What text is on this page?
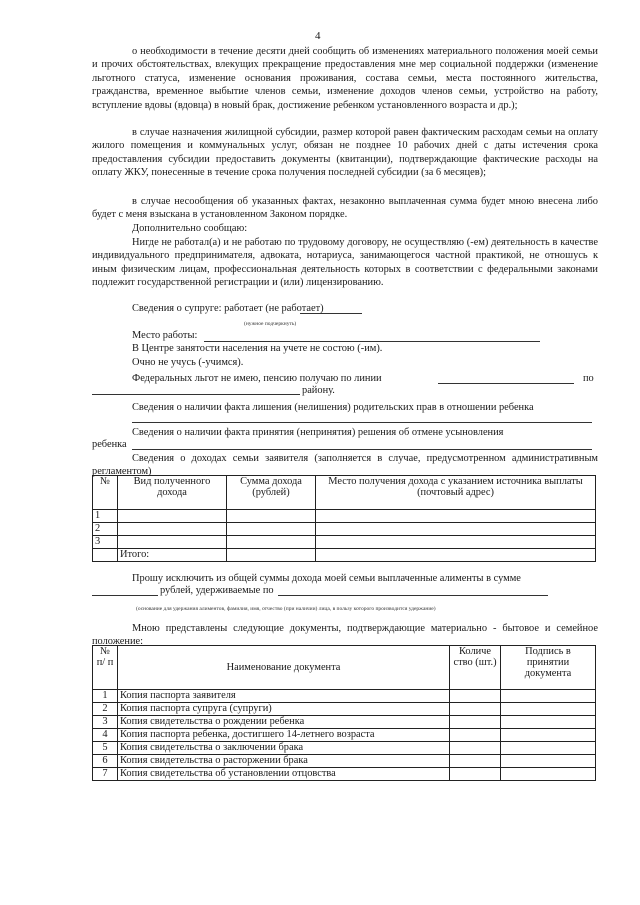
4

о необходимости в течение десяти дней сообщить об изменениях материального положения моей семьи и прочих обстоятельствах, влекущих прекращение предоставления мне мер социальной поддержки (изменение льготного статуса, изменение основания проживания, состава семьи, места постоянного жительства, гражданства, временное выбытие членов семьи, изменение доходов членов семьи, устройство на работу, вступление вдовы (вдовца) в новый брак, достижение ребенком установленного возраста и др.);

в случае назначения жилищной субсидии, размер которой равен фактическим расходам семьи на оплату жилого помещения и коммунальных услуг, обязан не позднее 10 рабочих дней с даты истечения срока предоставления субсидии предоставить документы (квитанции), подтверждающие фактические расходы на оплату ЖКУ, понесенные в течение срока получения последней субсидии (за 6 месяцев);

в случае несообщения об указанных фактах, незаконно выплаченная сумма будет мною внесена либо будет с меня взыскана в установленном Законом порядке.

Дополнительно сообщаю:

Нигде не работал(а) и не работаю по трудовому договору, не осуществляю (-ем) деятельность в качестве индивидуального предпринимателя, адвоката, нотариуса, занимающегося частной практикой, не отношусь к иным физическим лицам, профессиональная деятельность которых в соответствии с федеральными законами подлежит государственной регистрации и (или) лицензированию.

Сведения о супруге: работает (не работает)
(нужное подчеркнуть)
Место работы:
В Центре занятости населения на учете не состою (-им).
Очно не учусь (-учимся).
Федеральных льгот не имею, пенсию получаю по линии	по
району.
Сведения о наличии факта лишения (нелишения) родительских прав в отношении ребенка
Сведения о наличии факта принятия (непринятия) решения об отмене усыновления
ребенка

Сведения о доходах семьи заявителя (заполняется в случае, предусмотренном административным регламентом)

№	Вид полученного дохода	Сумма дохода (рублей)	Место получения дохода с указанием источника выплаты (почтовый адрес)
1			
2			
3			
	Итого:		
Прошу исключить из общей суммы дохода моей семьи выплаченные алименты в сумме
рублей, удерживаемые по
(основание для удержания алиментов, фамилия, имя, отчество (при наличии) лица, в пользу которого производится удержание)

Мною представлены следующие документы, подтверждающие материально - бытовое и семейное положение:

№ п/ п	Наименование документа	Количе ство (шт.)	Подпись в принятии документа
1	Копия паспорта заявителя		
2	Копия паспорта супруга (супруги)		
3	Копия свидетельства о рождении ребенка		
4	Копия паспорта ребенка, достигшего 14-летнего возраста		
5	Копия свидетельства о заключении брака		
6	Копия свидетельства о расторжении брака		
7	Копия свидетельства об установлении отцовства		
